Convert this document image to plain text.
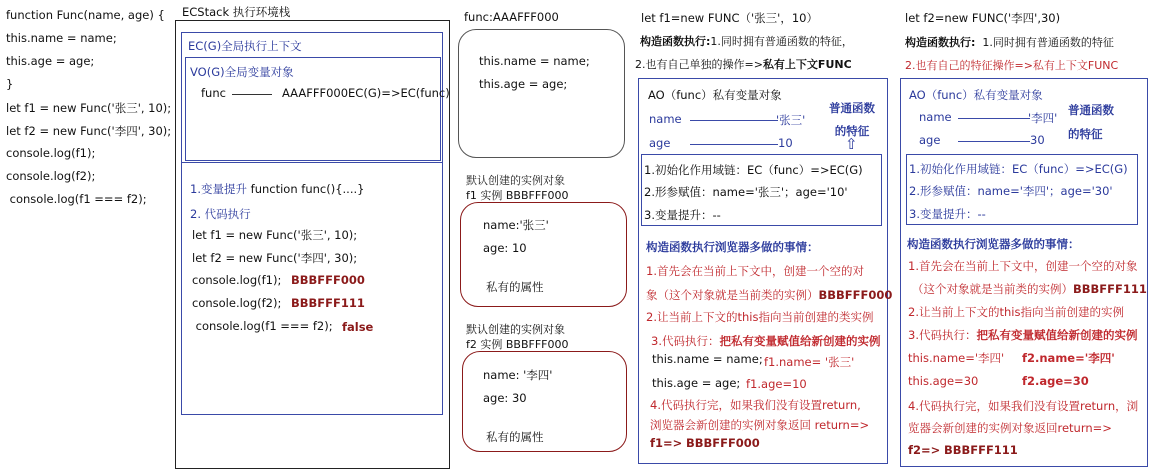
function Func(name, age) {
this.name = name;
this.age = age;
}
let f1 = new Func('张三', 10);
let f2 = new Func('李四', 30);
console.log(f1);
console.log(f2);
console.log(f1 === f2);
ECStack 执行环境栈
EC(G)全局执行上下文
VO(G)全局变量对象
func	AAAFFF000EC(G)=>EC(func)
1.变量提升 function func(){....}
2. 代码执行
let f1 = new Func('张三', 10);
let f2 = new Func('李四', 30);
console.log(f1); BBBFFF000
console.log(f2); BBBFFF111
console.log(f1 === f2); false
func:AAAFFF000
this.name = name;
this.age = age;
默认创建的实例对象
f1 实例 BBBFFF000
name:'张三'
age: 10
私有的属性
默认创建的实例对象
f2 实例 BBBFFF000
name: '李四'
age: 30
私有的属性
let f1=new FUNC（'张三'，10）
构造函数执行:1.同时拥有普通函数的特征，
2.也有自己单独的操作=>私有上下文FUNC
AO（func）私有变量对象
name	'张三'
age	10
普通函数
的特征
⇧
1.初始化作用域链：EC（func）=>EC(G)
2.形参赋值：name='张三'；age='10'
3.变量提升：--
构造函数执行浏览器多做的事情：
1.首先会在当前上下文中，创建一个空的对
象（这个对象就是当前类的实例）BBBFFF000
2.让当前上下文的this指向当前创建的类实例
3.代码执行：把私有变量赋值给新创建的实例
this.name = name; f1.name= '张三'
this.age = age; f1.age=10
4.代码执行完，如果我们没有设置return,
浏览器会新创建的实例对象返回 return=>
f1=> BBBFFF000
let f2=new FUNC('李四',30)
构造函数执行:  1.同时拥有普通函数的特征
2.也有自己的特征操作=>私有上下文FUNC
AO（func）私有变量对象
name	'李四'
age	30
普通函数
的特征
1.初始化作用域链：EC（func）=>EC(G)
2.形参赋值：name='李四'；age='30'
3.变量提升：--
构造函数执行浏览器多做的事情：
1.首先会在当前上下文中，创建一个空的对象
（这个对象就是当前类的实例）BBBFFF111
2.让当前上下文的this指向当前创建的实例
3.代码执行：把私有变量赋值给新创建的实例
this.name='李四' f2.name='李四'
this.age=30	f2.age=30
4.代码执行完，如果我们没有设置return，浏
览器会新创建的实例对象返回return=>
f2=> BBBFFF111
